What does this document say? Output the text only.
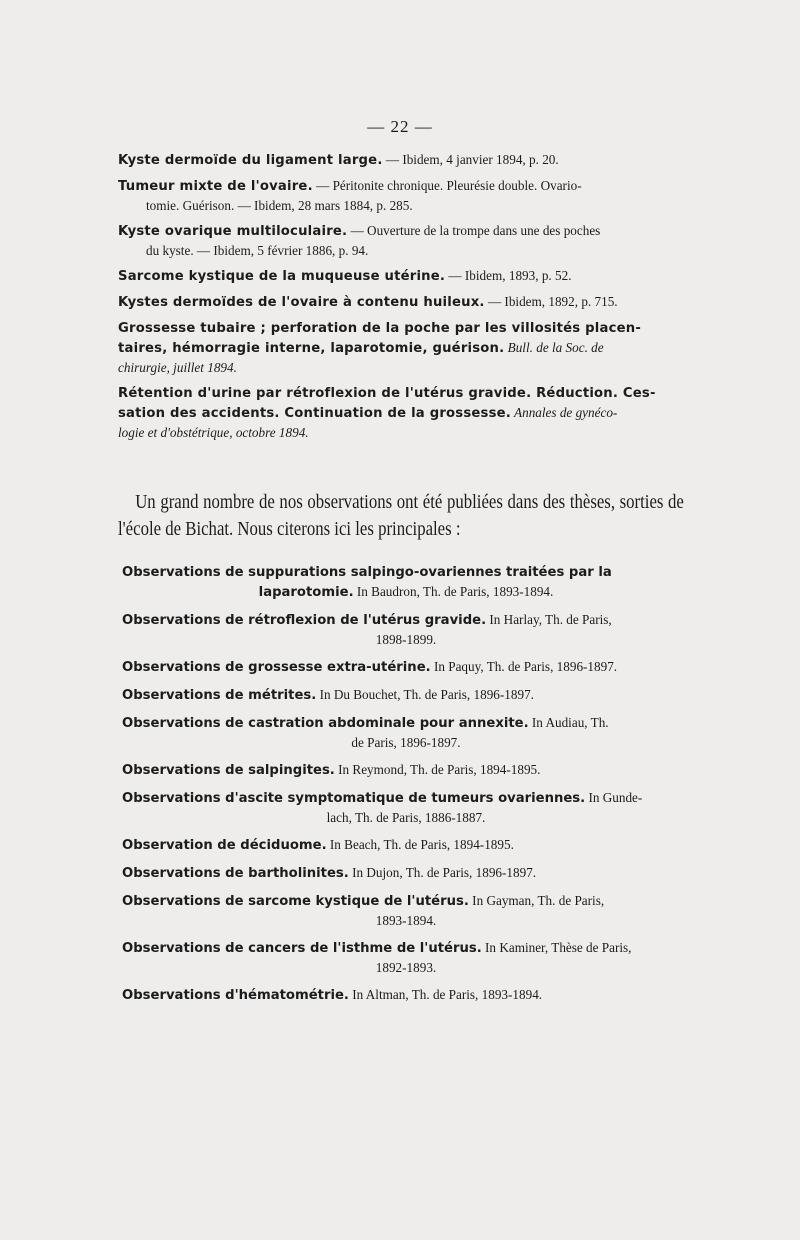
— 22 —

Kyste dermoïde du ligament large. — Ibidem, 4 janvier 1894, p. 20.

Tumeur mixte de l'ovaire. — Péritonite chronique. Pleurésie double. Ovario-
tomie. Guérison. — Ibidem, 28 mars 1884, p. 285.

Kyste ovarique multiloculaire. — Ouverture de la trompe dans une des poches
du kyste. — Ibidem, 5 février 1886, p. 94.

Sarcome kystique de la muqueuse utérine. — Ibidem, 1893, p. 52.

Kystes dermoïdes de l'ovaire à contenu huileux. — Ibidem, 1892, p. 715.

Grossesse tubaire ; perforation de la poche par les villosités placen-
taires, hémorragie interne, laparotomie, guérison. Bull. de la Soc. de
chirurgie, juillet 1894.

Rétention d'urine par rétroflexion de l'utérus gravide. Réduction. Ces-
sation des accidents. Continuation de la grossesse. Annales de gynéco-
logie et d'obstétrique, octobre 1894.

Un grand nombre de nos observations ont été publiées dans des thèses, sorties de l'école de Bichat. Nous citerons ici les principales :

Observations de suppurations salpingo-ovariennes traitées par la
laparotomie. In Baudron, Th. de Paris, 1893-1894.

Observations de rétroflexion de l'utérus gravide. In Harlay, Th. de Paris,
1898-1899.

Observations de grossesse extra-utérine. In Paquy, Th. de Paris, 1896-1897.

Observations de métrites. In Du Bouchet, Th. de Paris, 1896-1897.

Observations de castration abdominale pour annexite. In Audiau, Th.
de Paris, 1896-1897.

Observations de salpingites. In Reymond, Th. de Paris, 1894-1895.

Observations d'ascite symptomatique de tumeurs ovariennes. In Gunde-
lach, Th. de Paris, 1886-1887.

Observation de déciduome. In Beach, Th. de Paris, 1894-1895.

Observations de bartholinites. In Dujon, Th. de Paris, 1896-1897.

Observations de sarcome kystique de l'utérus. In Gayman, Th. de Paris,
1893-1894.

Observations de cancers de l'isthme de l'utérus. In Kaminer, Thèse de Paris,
1892-1893.

Observations d'hématométrie. In Altman, Th. de Paris, 1893-1894.
